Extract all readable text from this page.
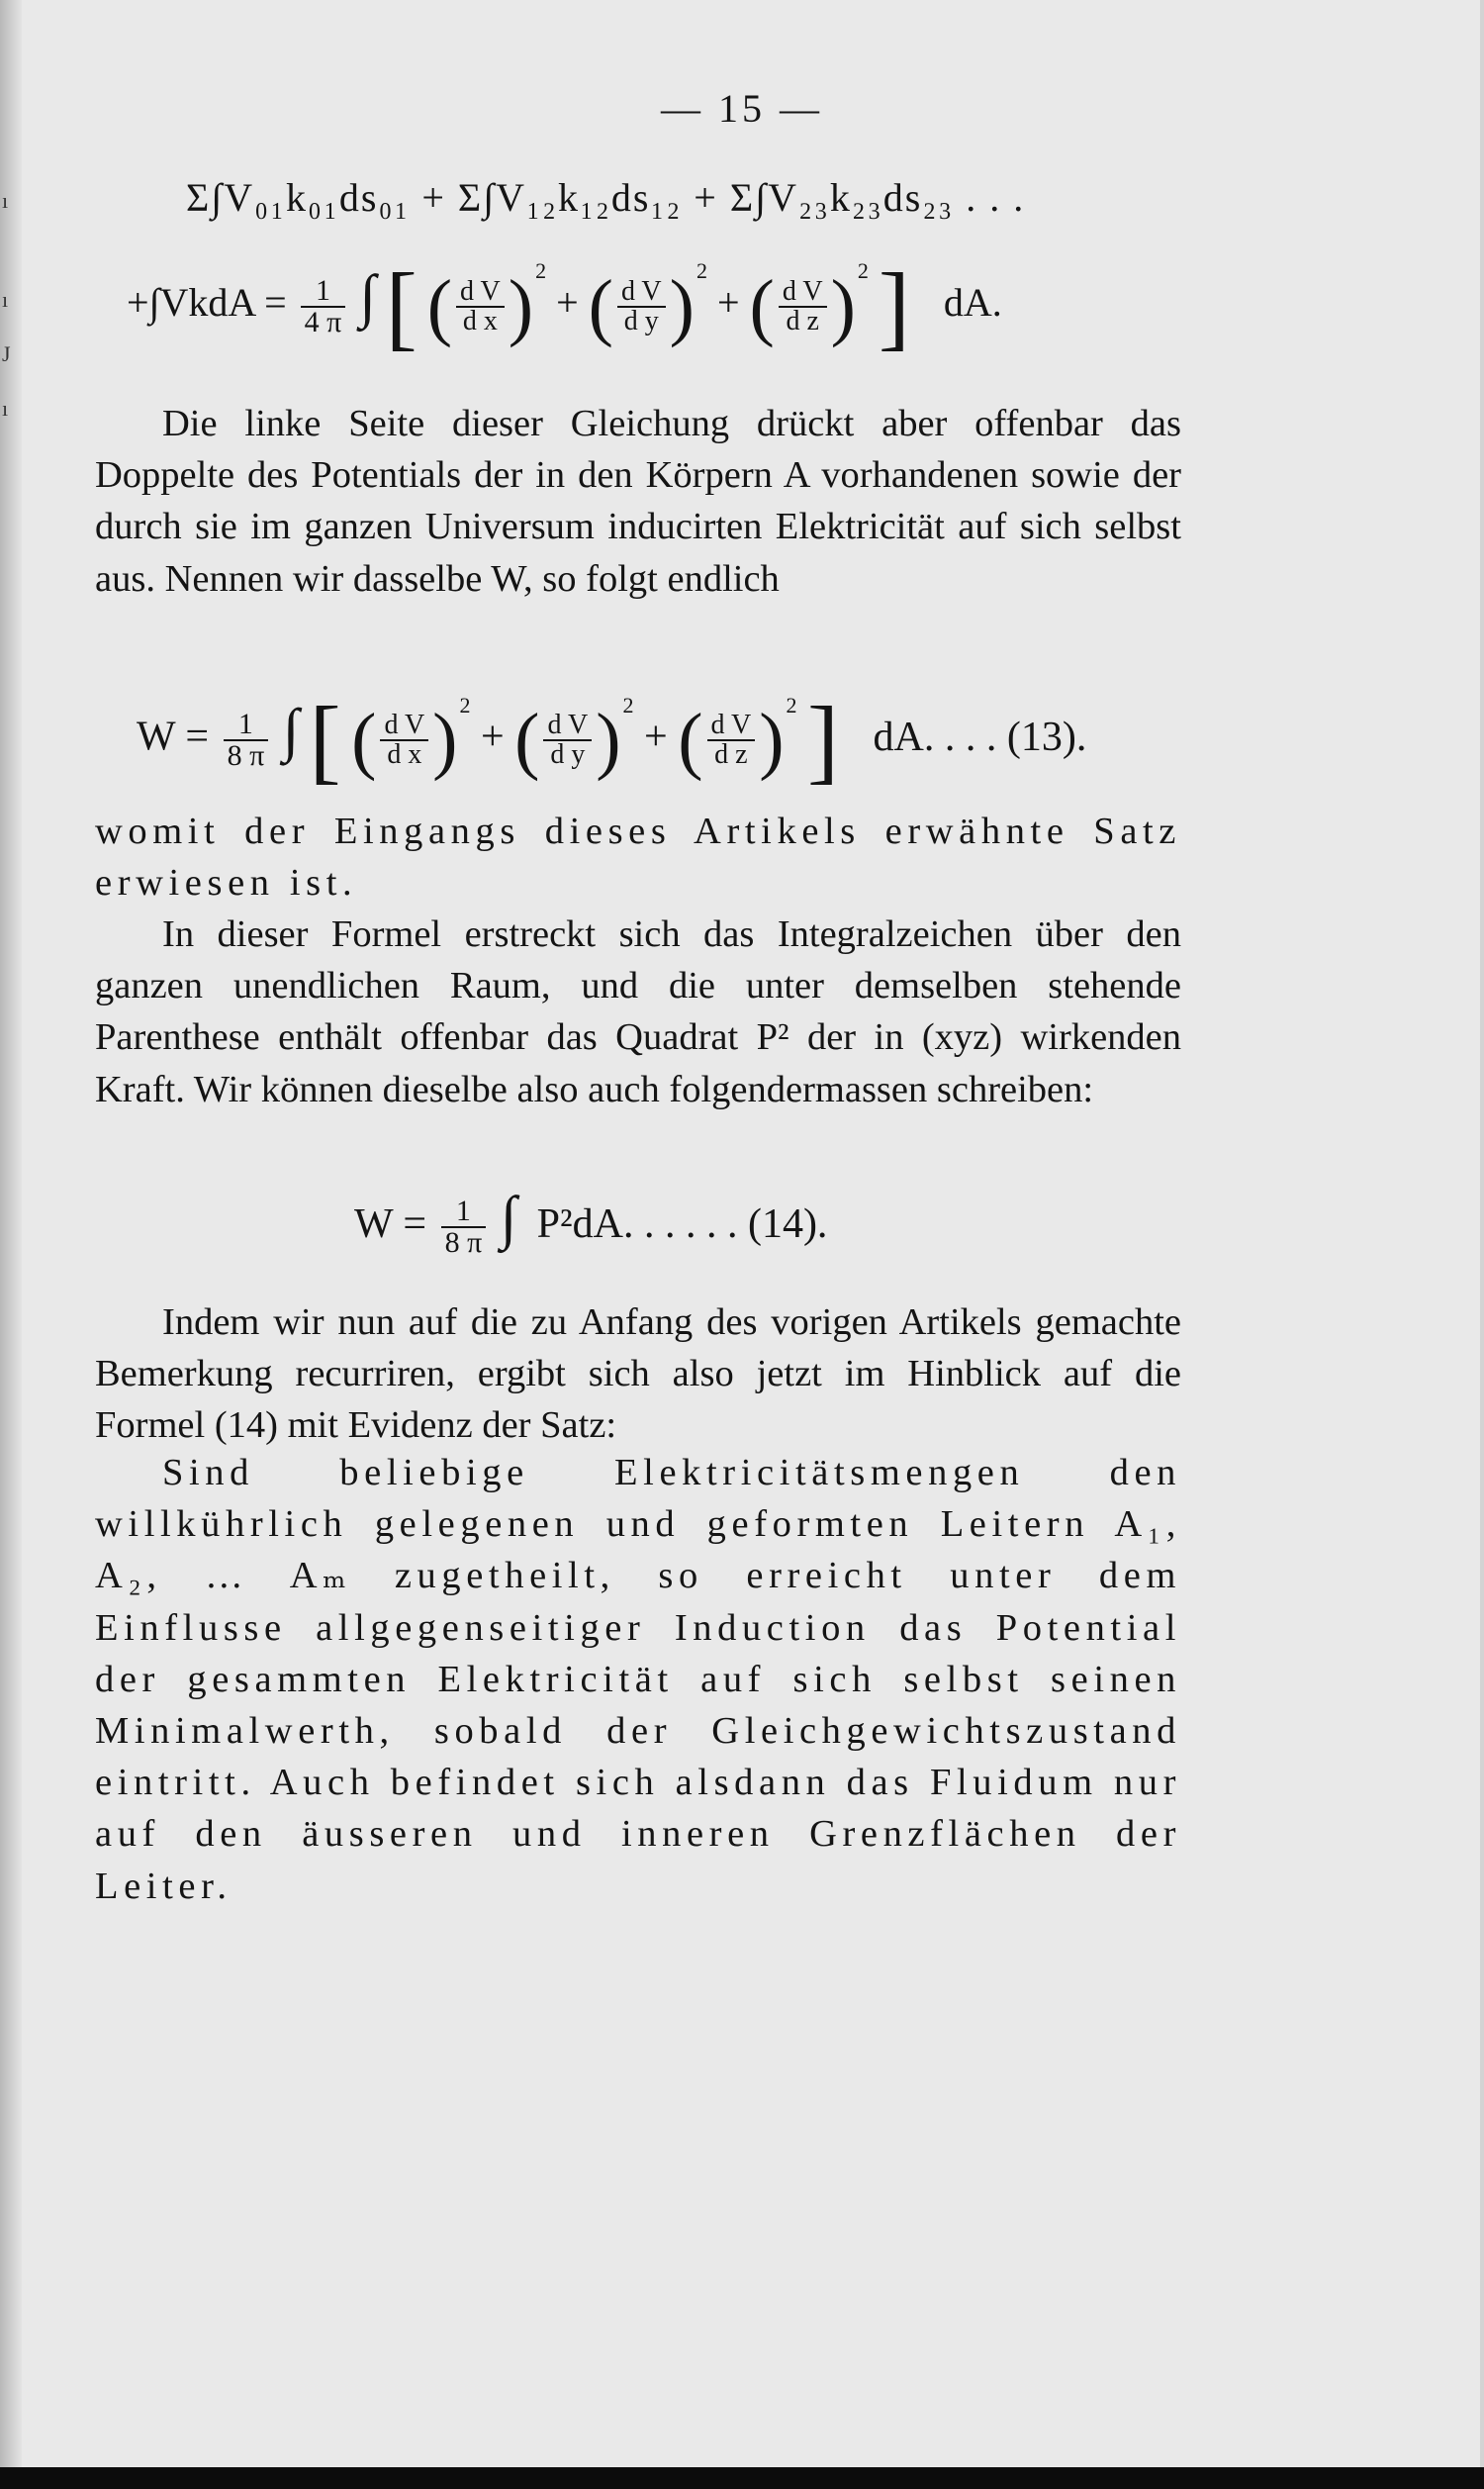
ı
ı
J
ı
— 15 —
Σ∫V₀₁k₀₁ds₀₁ + Σ∫V₁₂k₁₂ds₁₂ + Σ∫V₂₃k₂₃ds₂₃ . . .
+∫VkdA = $\frac{1}{4 \pi}$ ∫ [ ( $\frac{\text{d V}}{\text{d x}} )^2$ + ( $\frac{\text{d V}}{\text{d y}} )^2$ + ( $\frac{\text{d V}}{\text{d z}} )^2$ ] dA.
Die linke Seite dieser Gleichung drückt aber offenbar das Doppelte des Potentials der in den Körpern A vorhandenen sowie der durch sie im ganzen Universum inducirten Elektricität auf sich selbst aus. Nennen wir dasselbe W, so folgt endlich
$W = \frac{1}{8 \pi}$ ∫ [ ( $\frac{\text{d V}}{\text{d x}} )^2$ + ( $\frac{\text{d V}}{\text{d y}} )^2$ + ( $\frac{\text{d V}}{\text{d z}} )^2$ ] dA. . . . (13).
womit der Eingangs dieses Artikels erwähnte Satz erwiesen ist.
In dieser Formel erstreckt sich das Integralzeichen über den ganzen unendlichen Raum, und die unter demselben stehende Parenthese enthält offenbar das Quadrat P² der in (xyz) wirkenden Kraft. Wir können dieselbe also auch folgendermassen schreiben:
$W = \frac{1}{8 \pi}$ ∫ P²dA. . . . . . (14).
Indem wir nun auf die zu Anfang des vorigen Artikels gemachte Bemerkung recurriren, ergibt sich also jetzt im Hinblick auf die Formel (14) mit Evidenz der Satz:
Sind beliebige Elektricitätsmengen den willkührlich gelegenen und geformten Leitern A₁, A₂, … Aₘ zugetheilt, so erreicht unter dem Einflusse allgegenseitiger Induction das Potential der gesammten Elektricität auf sich selbst seinen Minimalwerth, sobald der Gleichgewichtszustand eintritt. Auch befindet sich alsdann das Fluidum nur auf den äusseren und inneren Grenzflächen der Leiter.
